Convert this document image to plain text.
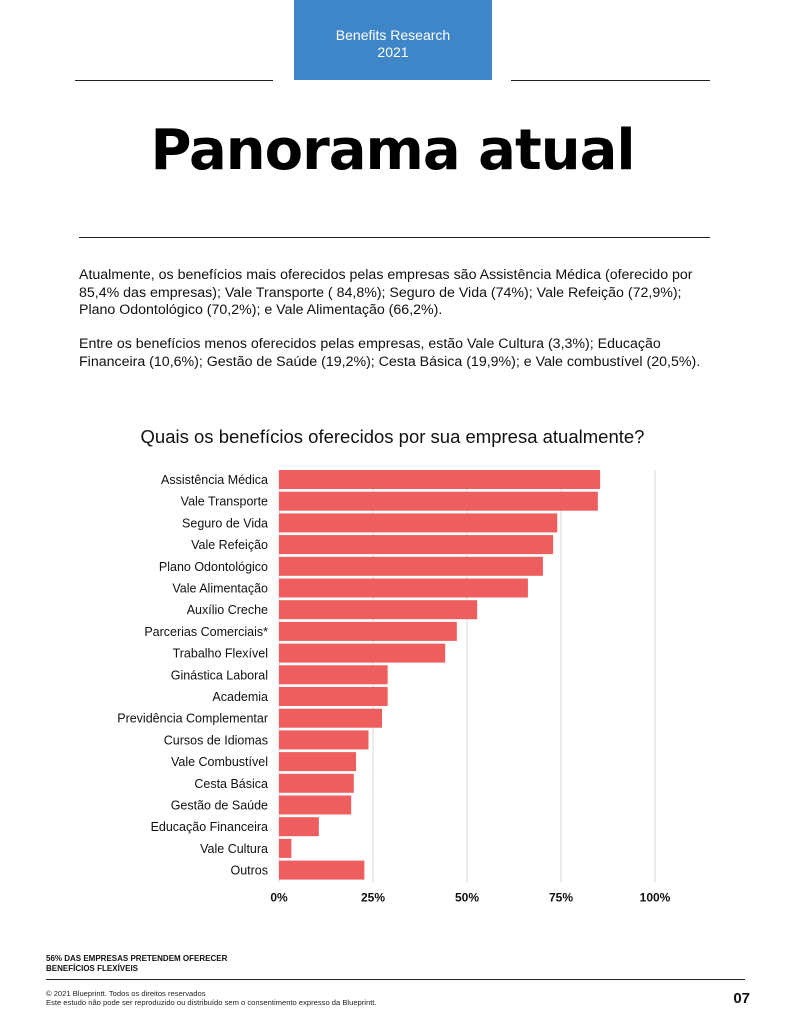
Benefits Research
2021
Panorama atual

Atualmente, os benefícios mais oferecidos pelas empresas são Assistência Médica (oferecido por 85,4% das empresas); Vale Transporte ( 84,8%); Seguro de Vida (74%); Vale Refeição (72,9%); Plano Odontológico (70,2%); e Vale Alimentação (66,2%).

Entre os benefícios menos oferecidos pelas empresas, estão Vale Cultura (3,3%); Educação Financeira (10,6%); Gestão de Saúde (19,2%); Cesta Básica (19,9%); e Vale combustível (20,5%).

Quais os benefícios oferecidos por sua empresa atualmente?
Assistência Médica
Vale Transporte
Seguro de Vida
Vale Refeição
Plano Odontológico
Vale Alimentação
Auxílio Creche
Parcerias Comerciais*
Trabalho Flexível
Ginástica Laboral
Academia
Previdência Complementar
Cursos de Idiomas
Vale Combustível
Cesta Básica
Gestão de Saúde
Educação Financeira
Vale Cultura
Outros
0%	25%	50%	75%	100%
56% DAS EMPRESAS PRETENDEM OFERECER
BENEFÍCIOS FLEXÍVEIS
© 2021 Blueprintt. Todos os direitos reservados
Este estudo não pode ser reproduzido ou distribuído sem o consentimento expresso da Blueprintt.	07
